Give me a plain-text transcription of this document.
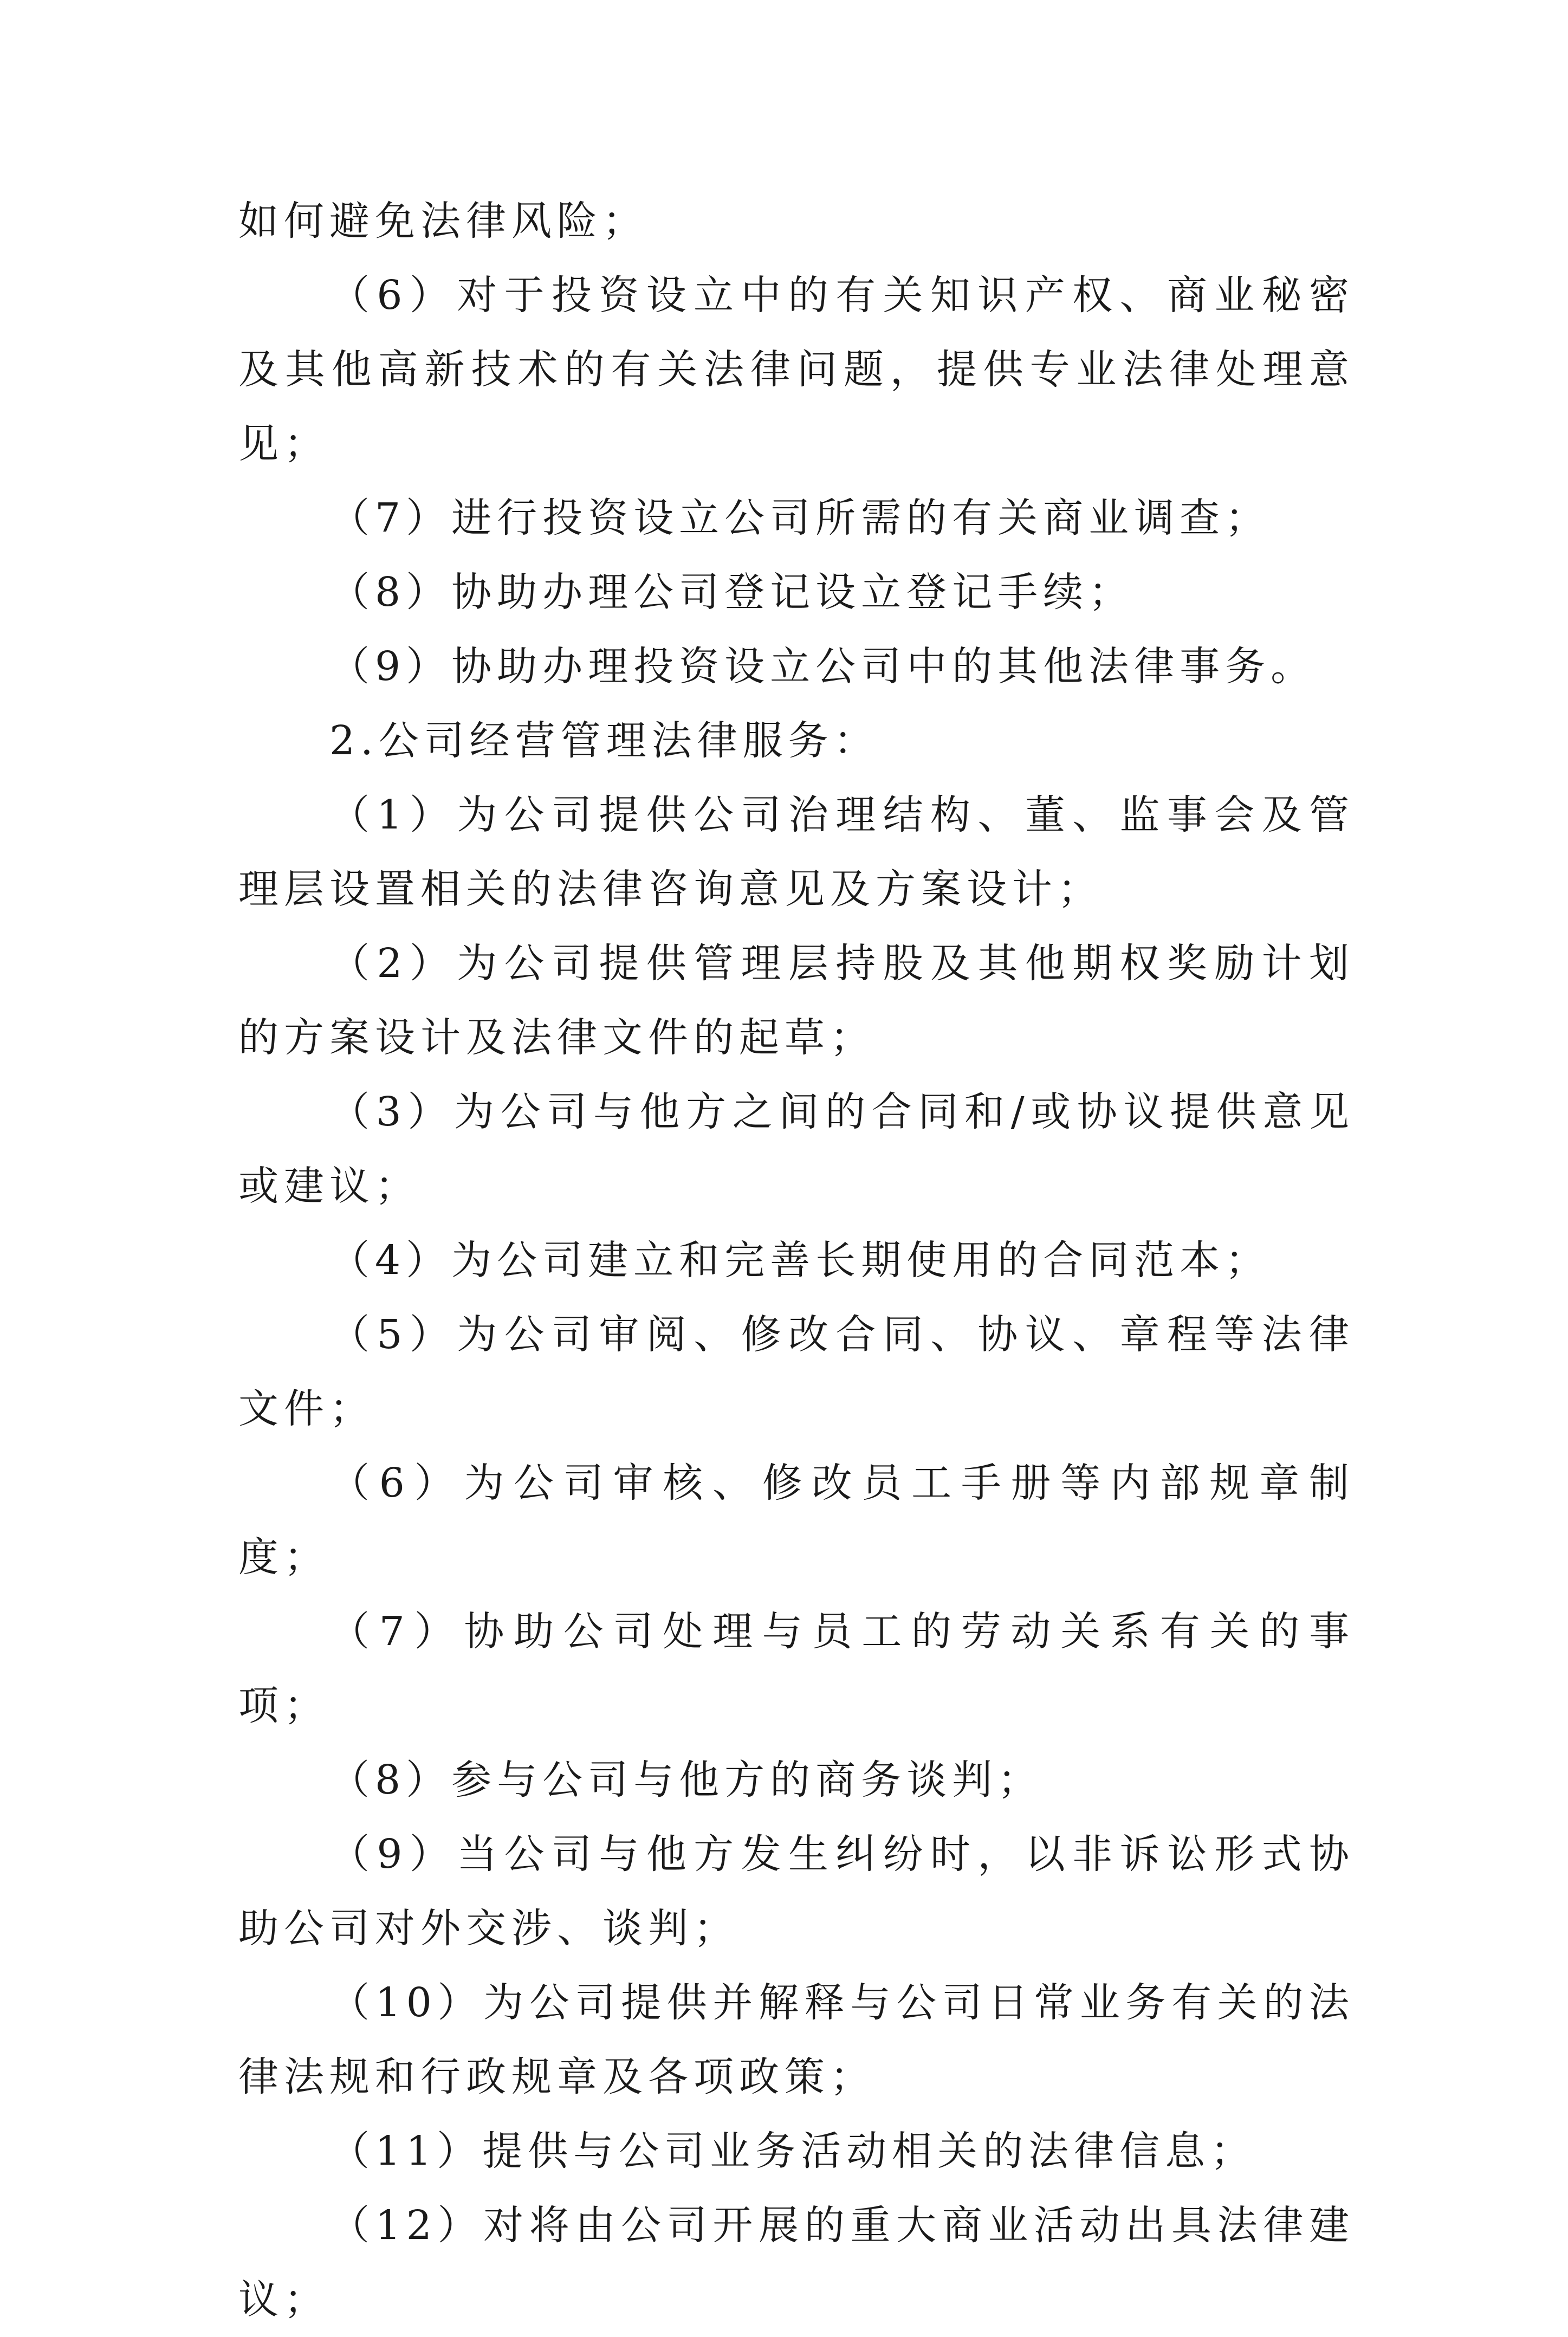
如何避免法律风险；

（6）对于投资设立中的有关知识产权、商业秘密及其他高新技术的有关法律问题，提供专业法律处理意见；

（7）进行投资设立公司所需的有关商业调查；

（8）协助办理公司登记设立登记手续；

（9）协助办理投资设立公司中的其他法律事务。

2.公司经营管理法律服务：

（1）为公司提供公司治理结构、董、监事会及管理层设置相关的法律咨询意见及方案设计；

（2）为公司提供管理层持股及其他期权奖励计划的方案设计及法律文件的起草；

（3）为公司与他方之间的合同和/或协议提供意见或建议；

（4）为公司建立和完善长期使用的合同范本；

（5）为公司审阅、修改合同、协议、章程等法律文件；

（6）为公司审核、修改员工手册等内部规章制度；

（7）协助公司处理与员工的劳动关系有关的事项；

（8）参与公司与他方的商务谈判；

（9）当公司与他方发生纠纷时，以非诉讼形式协助公司对外交涉、谈判；

（10）为公司提供并解释与公司日常业务有关的法律法规和行政规章及各项政策；

（11）提供与公司业务活动相关的法律信息；

（12）对将由公司开展的重大商业活动出具法律建议；
